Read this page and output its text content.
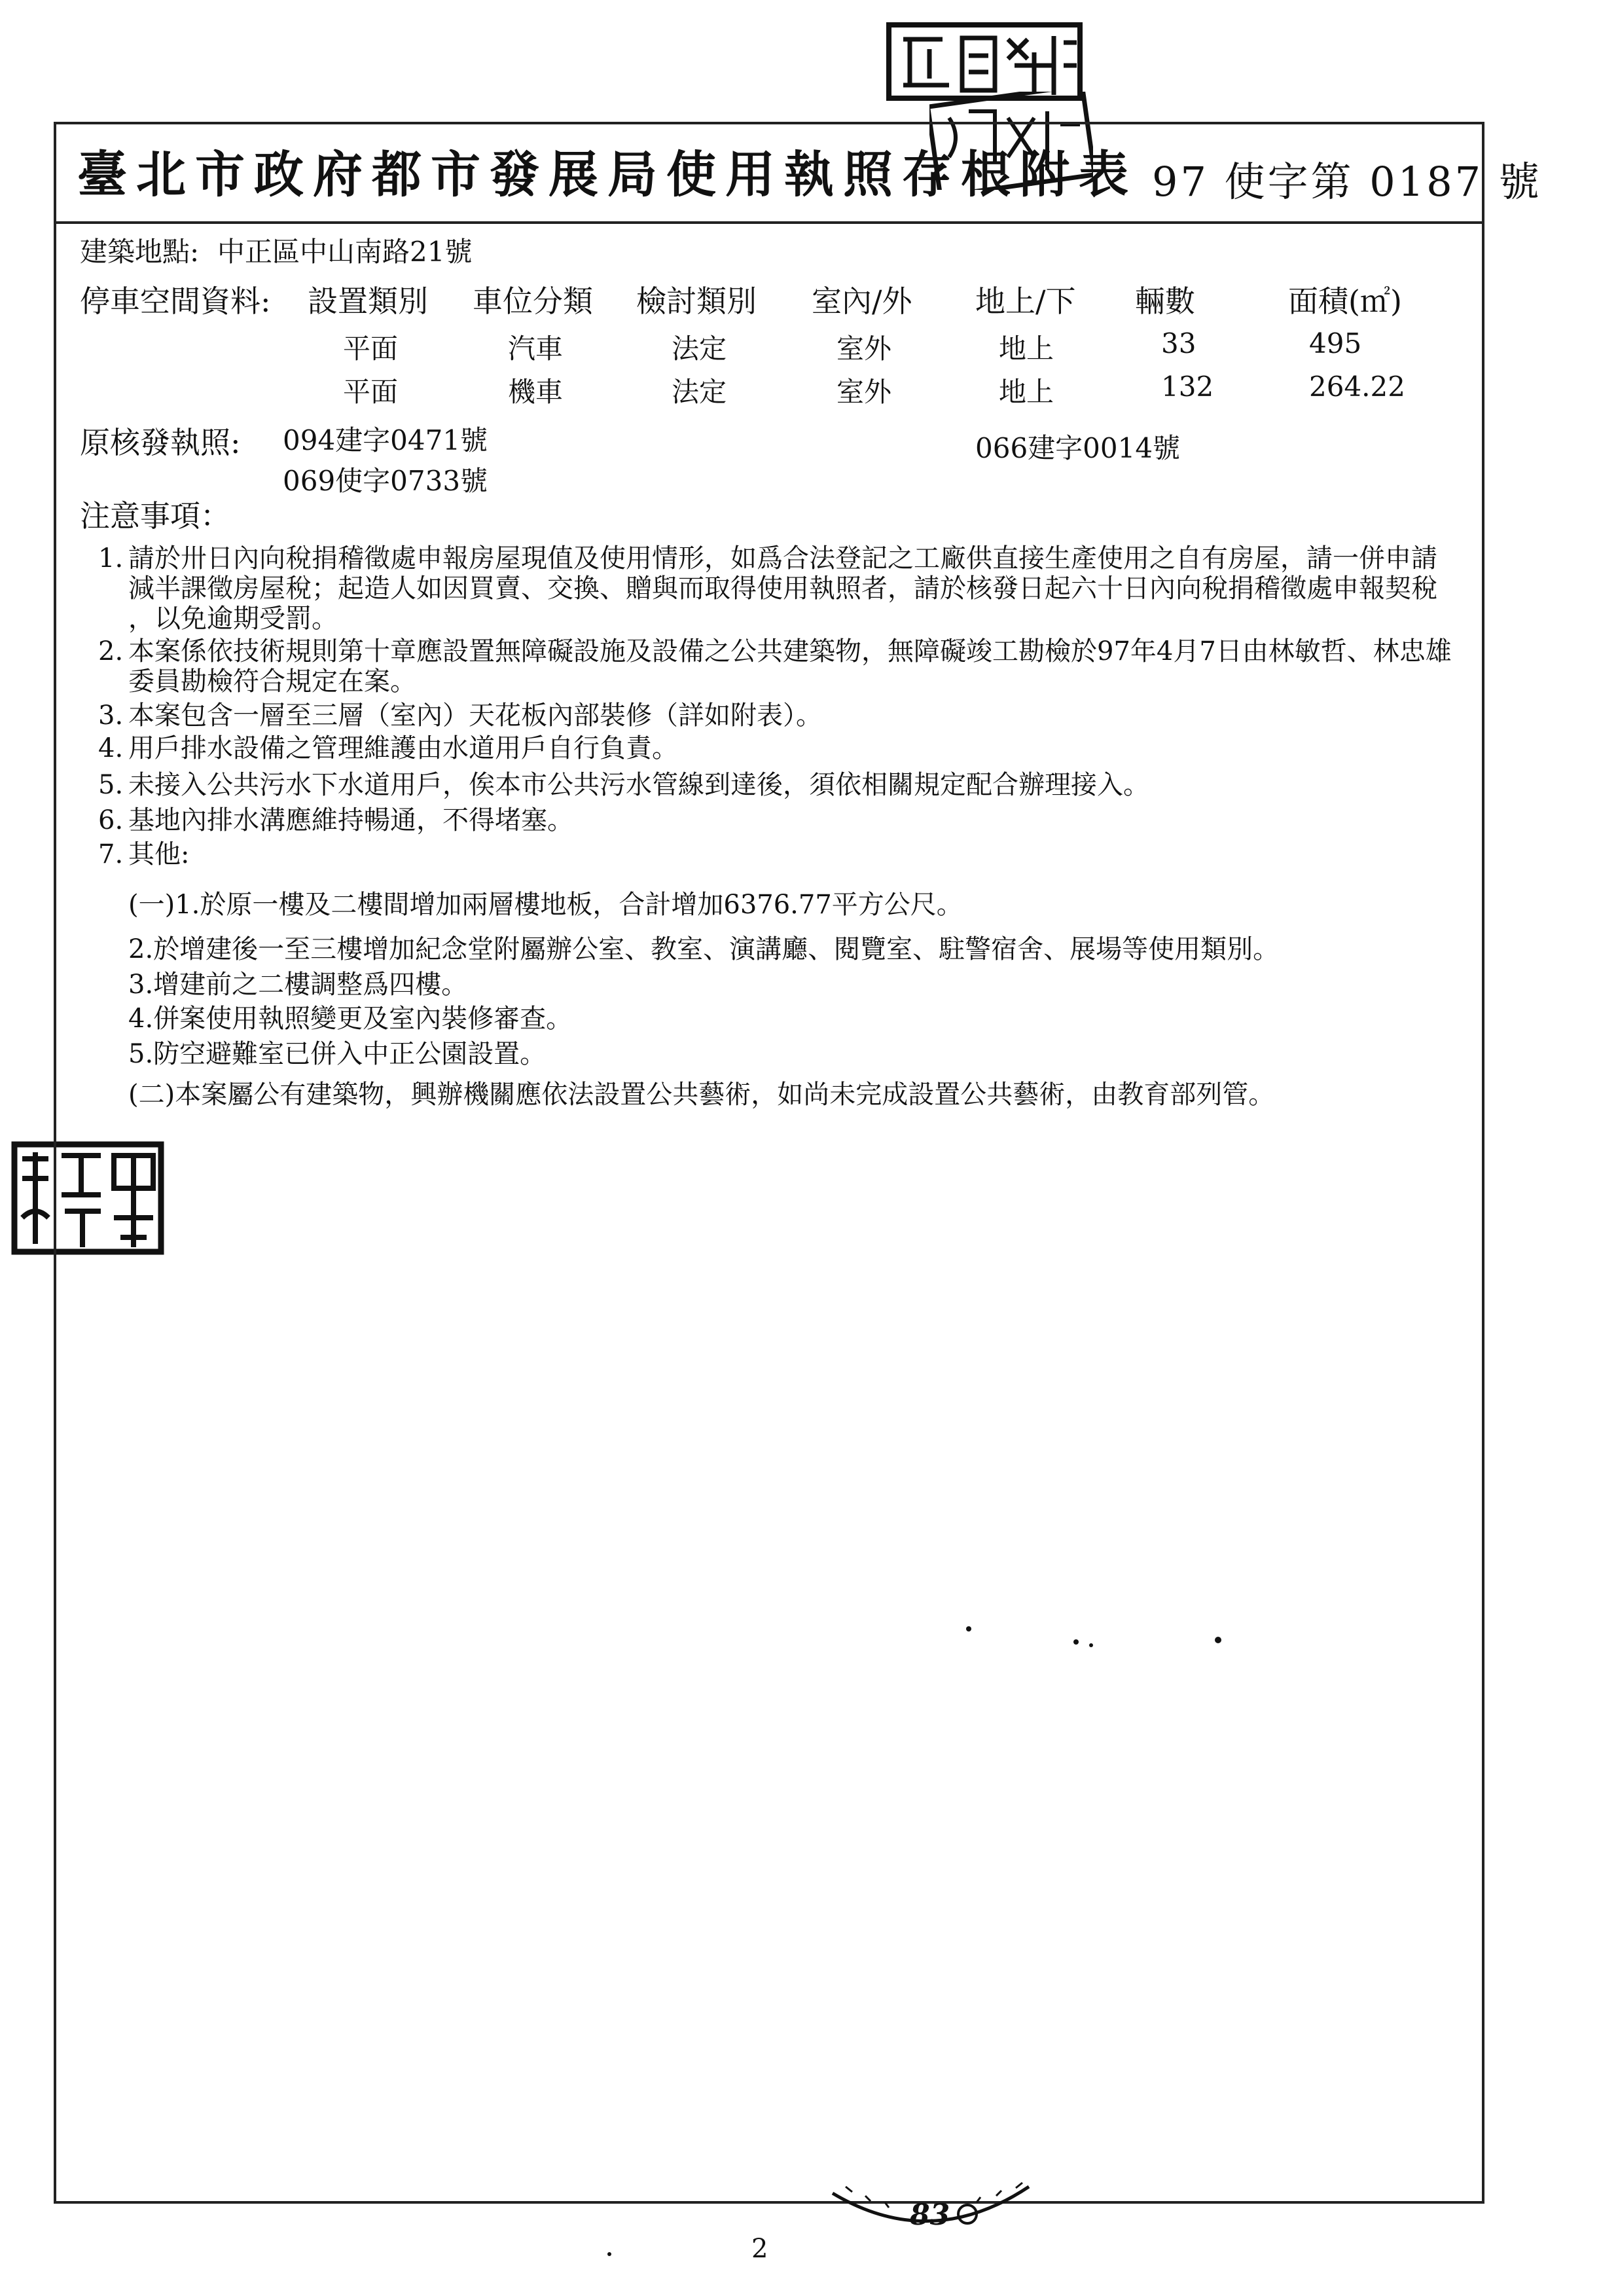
臺北市政府都市發展局使用執照存根附表 97 使字第 0187 號
建築地點: 中正區中山南路21號
停車空間資料: 設置類別 車位分類 檢討類別 室內/外 地上/下 輛數	面積(㎡)
平面	汽車	法定	室外	地上	33	495
平面	機車	法定	室外	地上	132	264.22
原核發執照: 094建字0471號
069使字0733號
066建字0014號
注意事項：
1. 請於卅日內向稅捐稽徵處申報房屋現值及使用情形，如爲合法登記之工廠供直接生產使用之自有房屋，請一併申請
減半課徵房屋稅；起造人如因買賣、交換、贈與而取得使用執照者，請於核發日起六十日內向稅捐稽徵處申報契稅
，以免逾期受罰。
2. 本案係依技術規則第十章應設置無障礙設施及設備之公共建築物，無障礙竣工勘檢於97年4月7日由林敏哲、林忠雄
委員勘檢符合規定在案。
3. 本案包含一層至三層（室內）天花板內部裝修（詳如附表）。
4. 用戶排水設備之管理維護由水道用戶自行負責。
5. 未接入公共污水下水道用戶，俟本市公共污水管線到達後，須依相關規定配合辦理接入。
6. 基地內排水溝應維持暢通，不得堵塞。
7. 其他:
(一)1.於原一樓及二樓間增加兩層樓地板，合計增加6376.77平方公尺。
2.於增建後一至三樓增加紀念堂附屬辦公室、教室、演講廳、閱覽室、駐警宿舍、展場等使用類別。
3.增建前之二樓調整爲四樓。
4.併案使用執照變更及室內裝修審查。
5.防空避難室已併入中正公園設置。
(二)本案屬公有建築物，興辦機關應依法設置公共藝術，如尚未完成設置公共藝術，由教育部列管。
83
2
